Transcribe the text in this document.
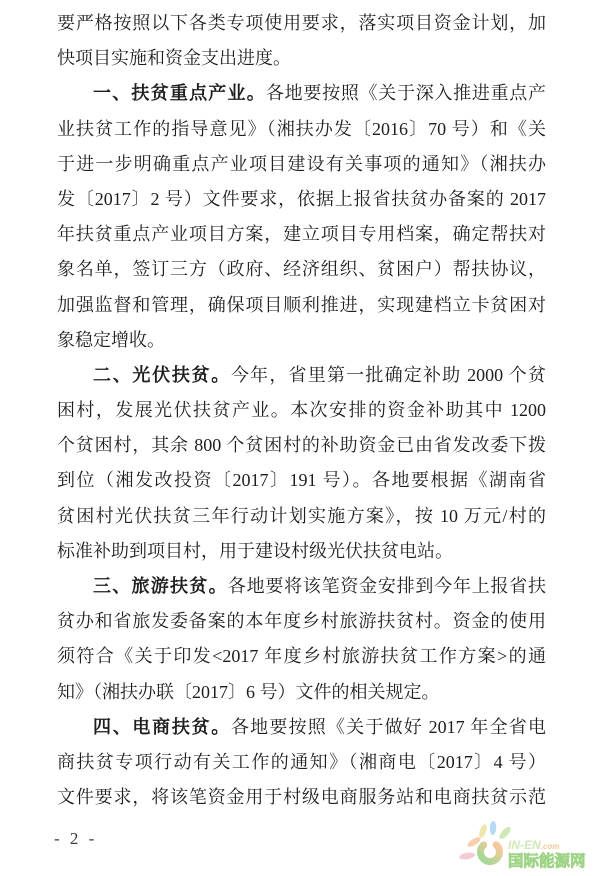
要严格按照以下各类专项使用要求，落实项目资金计划，加
快项目实施和资金支出进度。
一、扶贫重点产业。各地要按照《关于深入推进重点产
业扶贫工作的指导意见》（湘扶办发〔2016〕70 号）和《关
于进一步明确重点产业项目建设有关事项的通知》（湘扶办
发〔2017〕2 号）文件要求，依据上报省扶贫办备案的 2017
年扶贫重点产业项目方案，建立项目专用档案，确定帮扶对
象名单，签订三方（政府、经济组织、贫困户）帮扶协议，
加强监督和管理，确保项目顺利推进，实现建档立卡贫困对
象稳定增收。
二、光伏扶贫。今年，省里第一批确定补助 2000 个贫
困村，发展光伏扶贫产业。本次安排的资金补助其中 1200
个贫困村，其余 800 个贫困村的补助资金已由省发改委下拨
到位（湘发改投资〔2017〕191 号）。各地要根据《湖南省
贫困村光伏扶贫三年行动计划实施方案》，按 10 万元/村的
标准补助到项目村，用于建设村级光伏扶贫电站。
三、旅游扶贫。各地要将该笔资金安排到今年上报省扶
贫办和省旅发委备案的本年度乡村旅游扶贫村。资金的使用
须符合《关于印发<2017 年度乡村旅游扶贫工作方案>的通
知》（湘扶办联〔2017〕6 号）文件的相关规定。
四、电商扶贫。各地要按照《关于做好 2017 年全省电
商扶贫专项行动有关工作的通知》（湘商电〔2017〕4 号）
文件要求，将该笔资金用于村级电商服务站和电商扶贫示范
- 2 -	IN-EN.com
国际能源网
